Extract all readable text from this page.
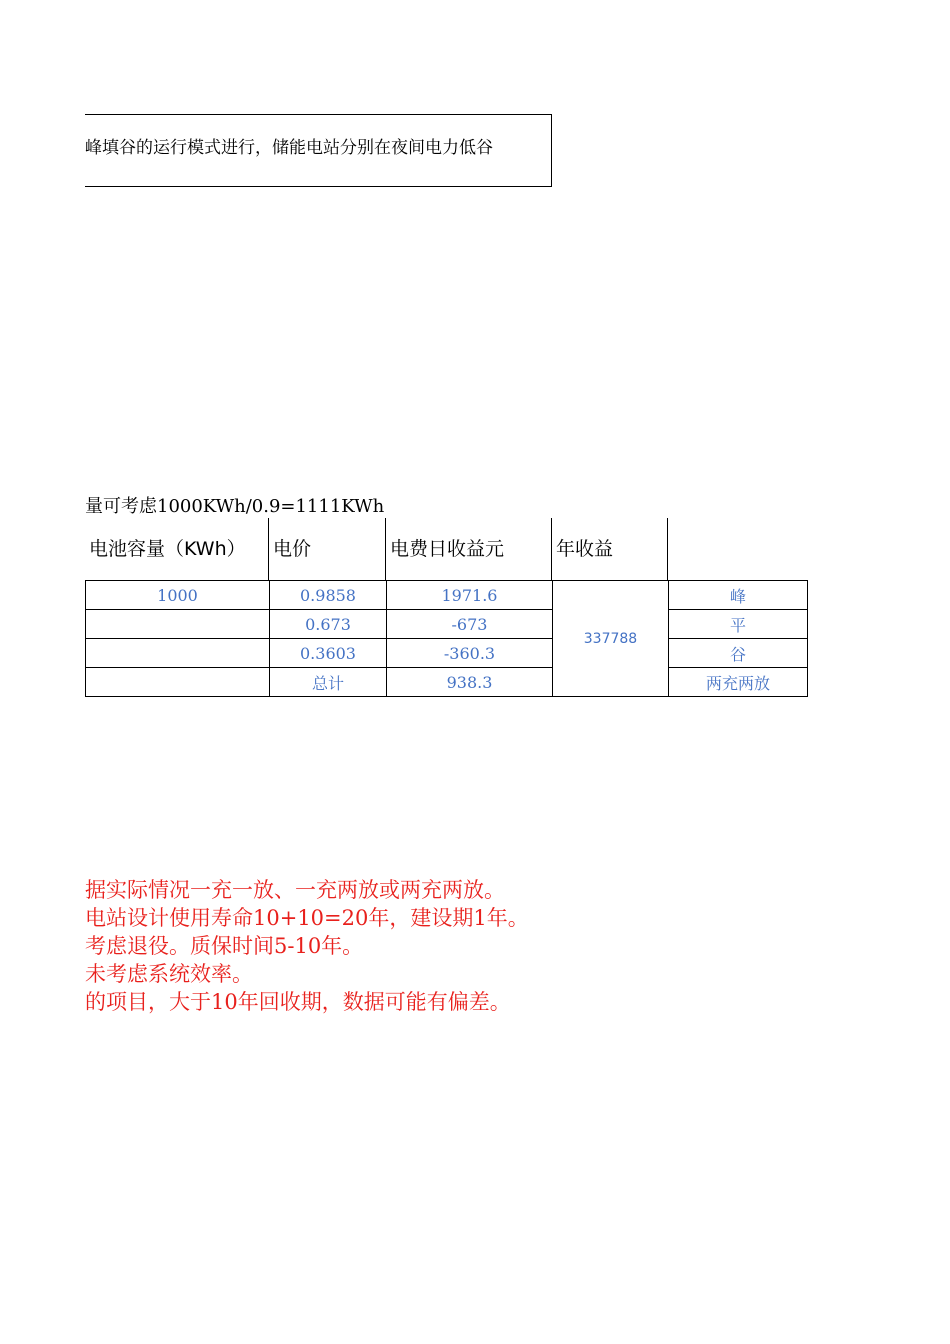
峰填谷的运行模式进行，储能电站分别在夜间电力低谷
量可考虑1000KWh/0.9=1111KWh
电池容量（KWh）	电价	电费日收益元	年收益
1000	0.9858	1971.6	337788	峰
	0.673	-673		平
	0.3603	-360.3		谷
	总计	938.3		两充两放
据实际情况一充一放、一充两放或两充两放。
电站设计使用寿命10+10=20年，建设期1年。
考虑退役。质保时间5-10年。
未考虑系统效率。
的项目，大于10年回收期，数据可能有偏差。
